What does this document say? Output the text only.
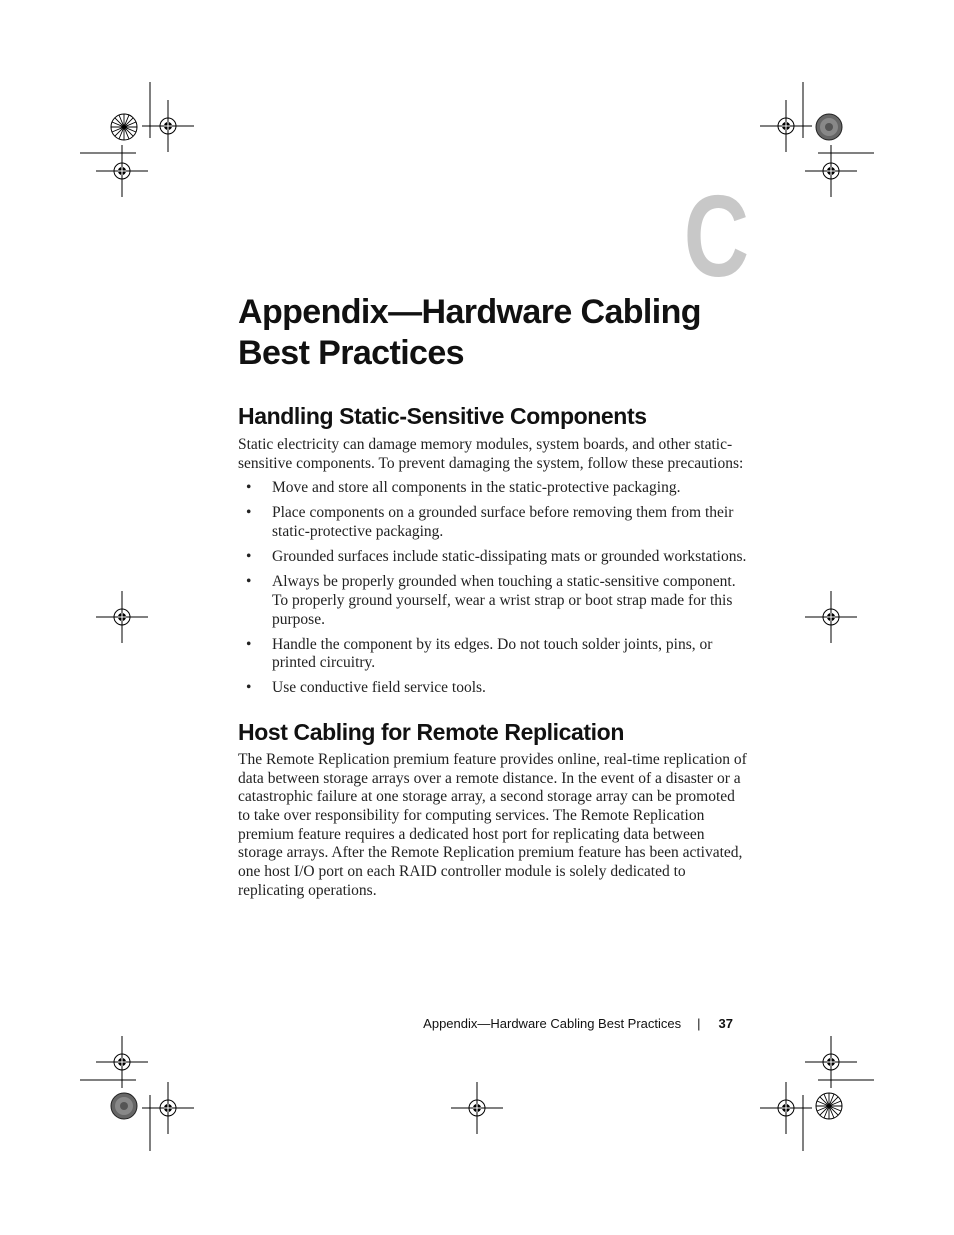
C
Appendix—Hardware Cabling Best Practices
Handling Static-Sensitive Components

Static electricity can damage memory modules, system boards, and other static-sensitive components. To prevent damaging the system, follow these precautions:

• Move and store all components in the static-protective packaging.
• Place components on a grounded surface before removing them from their static-protective packaging.
• Grounded surfaces include static-dissipating mats or grounded workstations.
• Always be properly grounded when touching a static-sensitive component. To properly ground yourself, wear a wrist strap or boot strap made for this purpose.
• Handle the component by its edges. Do not touch solder joints, pins, or printed circuitry.
• Use conductive field service tools.
Host Cabling for Remote Replication

The Remote Replication premium feature provides online, real-time replication of data between storage arrays over a remote distance. In the event of a disaster or a catastrophic failure at one storage array, a second storage array can be promoted to take over responsibility for computing services. The Remote Replication premium feature requires a dedicated host port for replicating data between storage arrays. After the Remote Replication premium feature has been activated, one host I/O port on each RAID controller module is solely dedicated to replicating operations.

Appendix—Hardware Cabling Best Practices | 37
